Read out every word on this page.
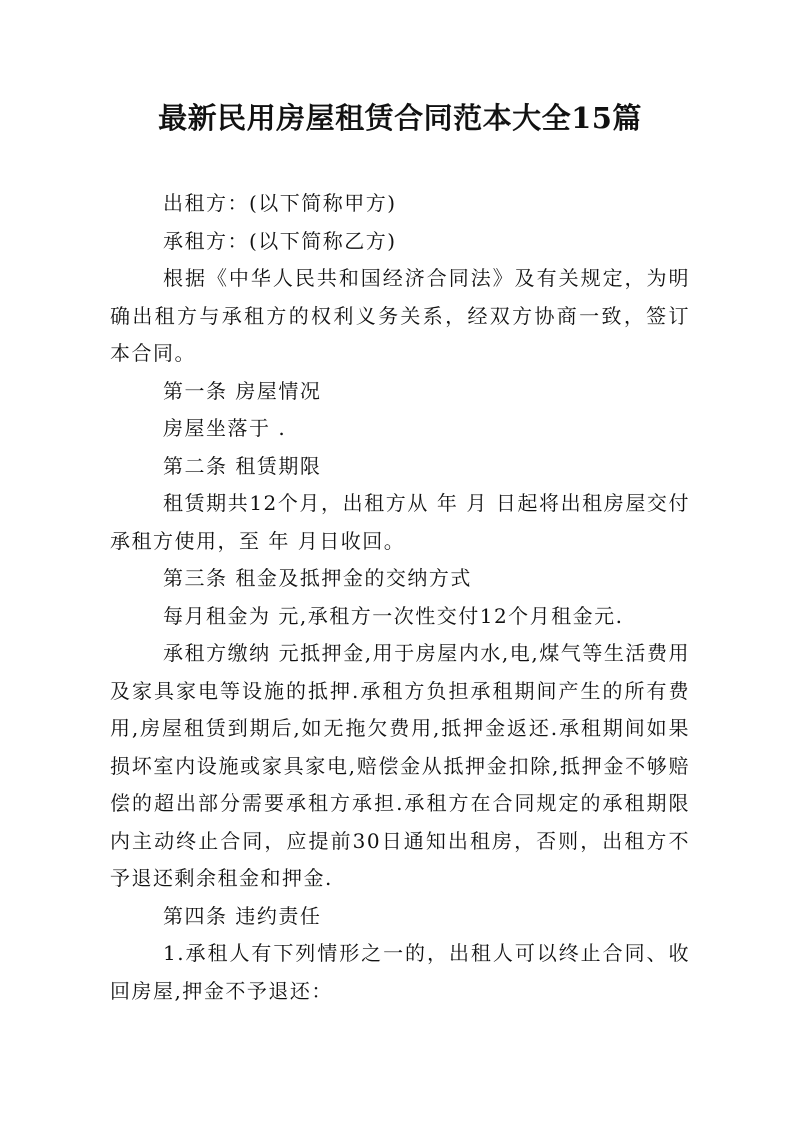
最新民用房屋租赁合同范本大全15篇

出租方：(以下简称甲方)

承租方：(以下简称乙方)

根据《中华人民共和国经济合同法》及有关规定，为明确出租方与承租方的权利义务关系，经双方协商一致，签订本合同。

第一条 房屋情况

房屋坐落于 .

第二条 租赁期限

租赁期共12个月，出租方从 年 月 日起将出租房屋交付承租方使用，至 年 月日收回。

第三条 租金及抵押金的交纳方式

每月租金为 元,承租方一次性交付12个月租金元.

承租方缴纳 元抵押金,用于房屋内水,电,煤气等生活费用及家具家电等设施的抵押.承租方负担承租期间产生的所有费用,房屋租赁到期后,如无拖欠费用,抵押金返还.承租期间如果损坏室内设施或家具家电,赔偿金从抵押金扣除,抵押金不够赔偿的超出部分需要承租方承担.承租方在合同规定的承租期限内主动终止合同，应提前30日通知出租房，否则，出租方不予退还剩余租金和押金.

第四条 违约责任

1.承租人有下列情形之一的，出租人可以终止合同、收回房屋,押金不予退还：
